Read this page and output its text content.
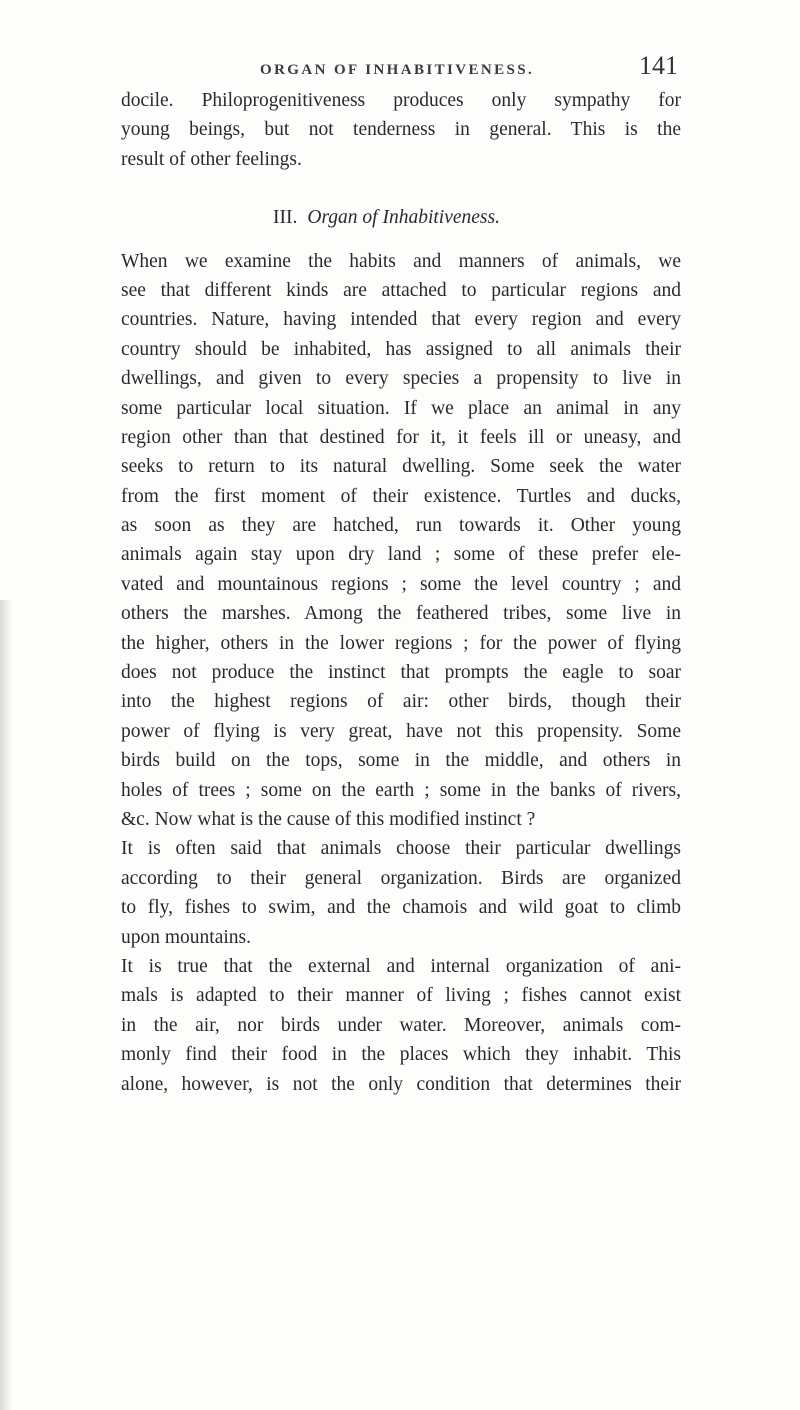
ORGAN OF INHABITIVENESS.	141
docile. Philoprogenitiveness produces only sympathy for
young beings, but not tenderness in general. This is the
result of other feelings.
III. Organ of Inhabitiveness.
When we examine the habits and manners of animals, we
see that different kinds are attached to particular regions and
countries. Nature, having intended that every region and every
country should be inhabited, has assigned to all animals their
dwellings, and given to every species a propensity to live in
some particular local situation. If we place an animal in any
region other than that destined for it, it feels ill or uneasy, and
seeks to return to its natural dwelling. Some seek the water
from the first moment of their existence. Turtles and ducks,
as soon as they are hatched, run towards it. Other young
animals again stay upon dry land ; some of these prefer ele-
vated and mountainous regions ; some the level country ; and
others the marshes. Among the feathered tribes, some live in
the higher, others in the lower regions ; for the power of flying
does not produce the instinct that prompts the eagle to soar
into the highest regions of air: other birds, though their
power of flying is very great, have not this propensity. Some
birds build on the tops, some in the middle, and others in
holes of trees ; some on the earth ; some in the banks of rivers,
&c. Now what is the cause of this modified instinct ?
It is often said that animals choose their particular dwellings
according to their general organization. Birds are organized
to fly, fishes to swim, and the chamois and wild goat to climb
upon mountains.
It is true that the external and internal organization of ani-
mals is adapted to their manner of living ; fishes cannot exist
in the air, nor birds under water. Moreover, animals com-
monly find their food in the places which they inhabit. This
alone, however, is not the only condition that determines their
